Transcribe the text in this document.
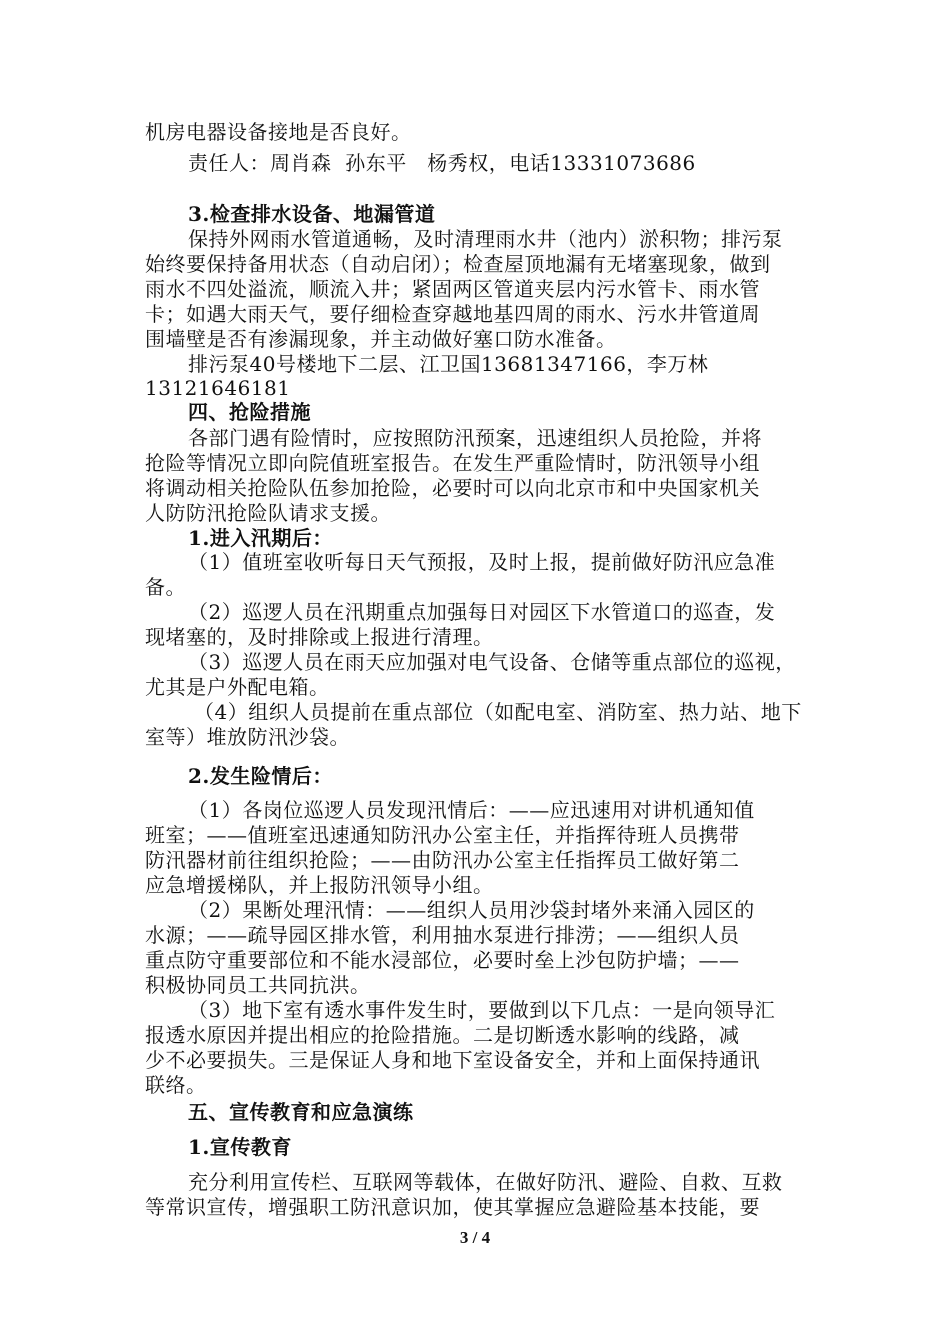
机房电器设备接地是否良好。
责任人：周肖森  孙东平   杨秀权，电话13331073686
3.检查排水设备、地漏管道
保持外网雨水管道通畅，及时清理雨水井（池内）淤积物；排污泵
始终要保持备用状态（自动启闭）；检查屋顶地漏有无堵塞现象，做到
雨水不四处溢流，顺流入井；紧固两区管道夹层内污水管卡、雨水管
卡；如遇大雨天气，要仔细检查穿越地基四周的雨水、污水井管道周
围墙壁是否有渗漏现象，并主动做好塞口防水准备。
排污泵40号楼地下二层、江卫国13681347166，李万林
13121646181
四、抢险措施
各部门遇有险情时，应按照防汛预案，迅速组织人员抢险，并将
抢险等情况立即向院值班室报告。在发生严重险情时，防汛领导小组
将调动相关抢险队伍参加抢险，必要时可以向北京市和中央国家机关
人防防汛抢险队请求支援。
1.进入汛期后：
（1）值班室收听每日天气预报，及时上报，提前做好防汛应急准
备。
（2）巡逻人员在汛期重点加强每日对园区下水管道口的巡查，发
现堵塞的，及时排除或上报进行清理。
（3）巡逻人员在雨天应加强对电气设备、仓储等重点部位的巡视，
尤其是户外配电箱。
（4）组织人员提前在重点部位（如配电室、消防室、热力站、地下
室等）堆放防汛沙袋。
2.发生险情后：
（1）各岗位巡逻人员发现汛情后：——应迅速用对讲机通知值
班室；——值班室迅速通知防汛办公室主任，并指挥待班人员携带
防汛器材前往组织抢险；——由防汛办公室主任指挥员工做好第二
应急增援梯队，并上报防汛领导小组。
（2）果断处理汛情：——组织人员用沙袋封堵外来涌入园区的
水源；——疏导园区排水管，利用抽水泵进行排涝；——组织人员
重点防守重要部位和不能水浸部位，必要时垒上沙包防护墙；——
积极协同员工共同抗洪。
（3）地下室有透水事件发生时，要做到以下几点：一是向领导汇
报透水原因并提出相应的抢险措施。二是切断透水影响的线路，减
少不必要损失。三是保证人身和地下室设备安全，并和上面保持通讯
联络。
五、宣传教育和应急演练
1.宣传教育
充分利用宣传栏、互联网等载体，在做好防汛、避险、自救、互救
等常识宣传，增强职工防汛意识加，使其掌握应急避险基本技能，要
3 / 4
